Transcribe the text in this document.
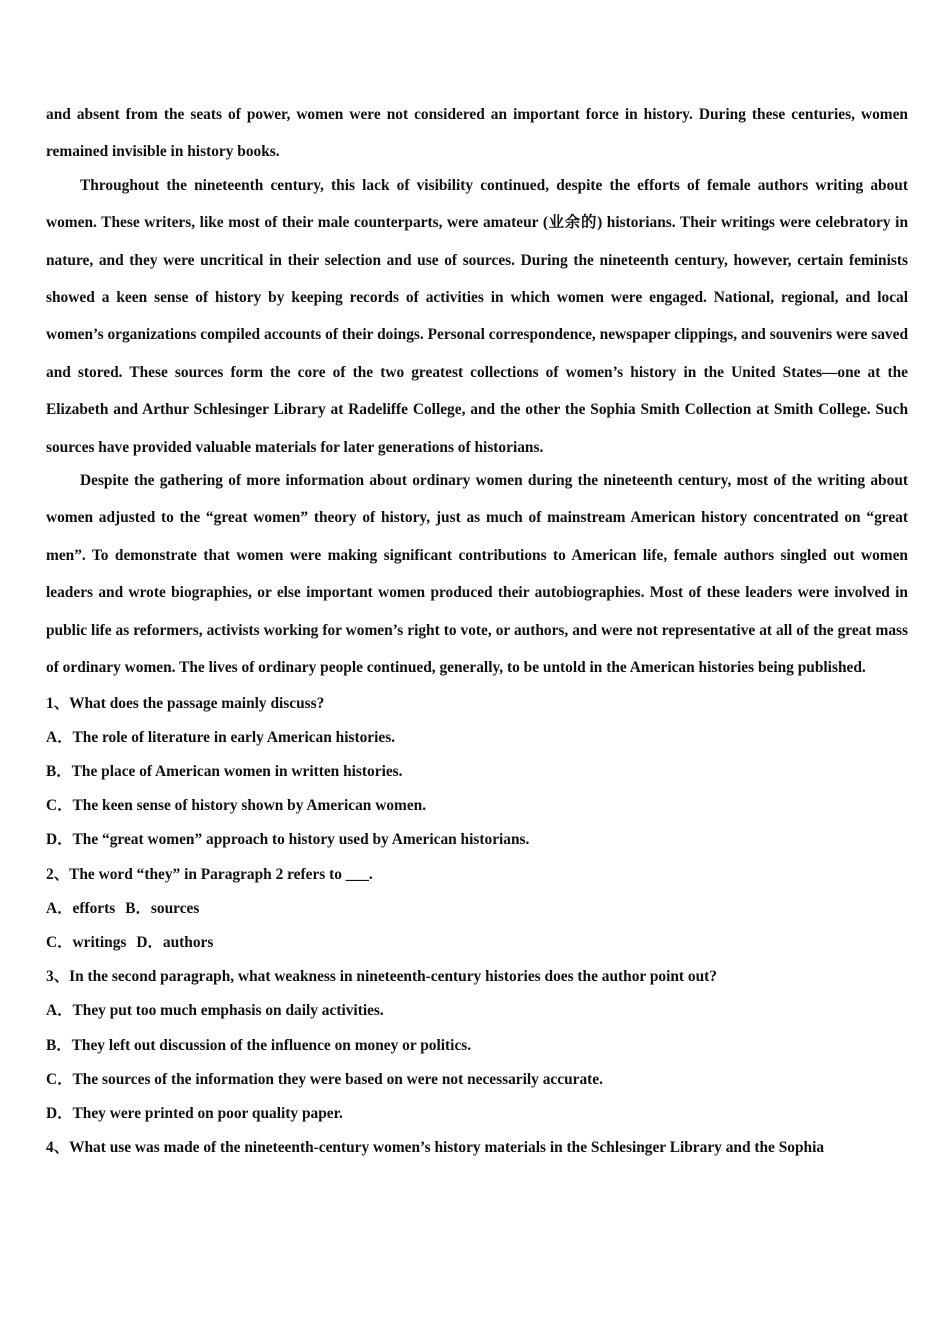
and absent from the seats of power, women were not considered an important force in history. During these centuries, women remained invisible in history books.

Throughout the nineteenth century, this lack of visibility continued, despite the efforts of female authors writing about women. These writers, like most of their male counterparts, were amateur (业余的) historians. Their writings were celebratory in nature, and they were uncritical in their selection and use of sources. During the nineteenth century, however, certain feminists showed a keen sense of history by keeping records of activities in which women were engaged. National, regional, and local women’s organizations compiled accounts of their doings. Personal correspondence, newspaper clippings, and souvenirs were saved and stored. These sources form the core of the two greatest collections of women’s history in the United States—one at the Elizabeth and Arthur Schlesinger Library at Radeliffe College, and the other the Sophia Smith Collection at Smith College. Such sources have provided valuable materials for later generations of historians.

Despite the gathering of more information about ordinary women during the nineteenth century, most of the writing about women adjusted to the “great women” theory of history, just as much of mainstream American history concentrated on “great men”. To demonstrate that women were making significant contributions to American life, female authors singled out women leaders and wrote biographies, or else important women produced their autobiographies. Most of these leaders were involved in public life as reformers, activists working for women’s right to vote, or authors, and were not representative at all of the great mass of ordinary women. The lives of ordinary people continued, generally, to be untold in the American histories being published.

1、What does the passage mainly discuss?

A．The role of literature in early American histories.

B．The place of American women in written histories.

C．The keen sense of history shown by American women.

D．The “great women” approach to history used by American historians.

2、The word “they” in Paragraph 2 refers to ___.

A．efforts B．sources

C．writings D．authors

3、In the second paragraph, what weakness in nineteenth-century histories does the author point out?

A．They put too much emphasis on daily activities.

B．They left out discussion of the influence on money or politics.

C．The sources of the information they were based on were not necessarily accurate.

D．They were printed on poor quality paper.

4、What use was made of the nineteenth-century women’s history materials in the Schlesinger Library and the Sophia
